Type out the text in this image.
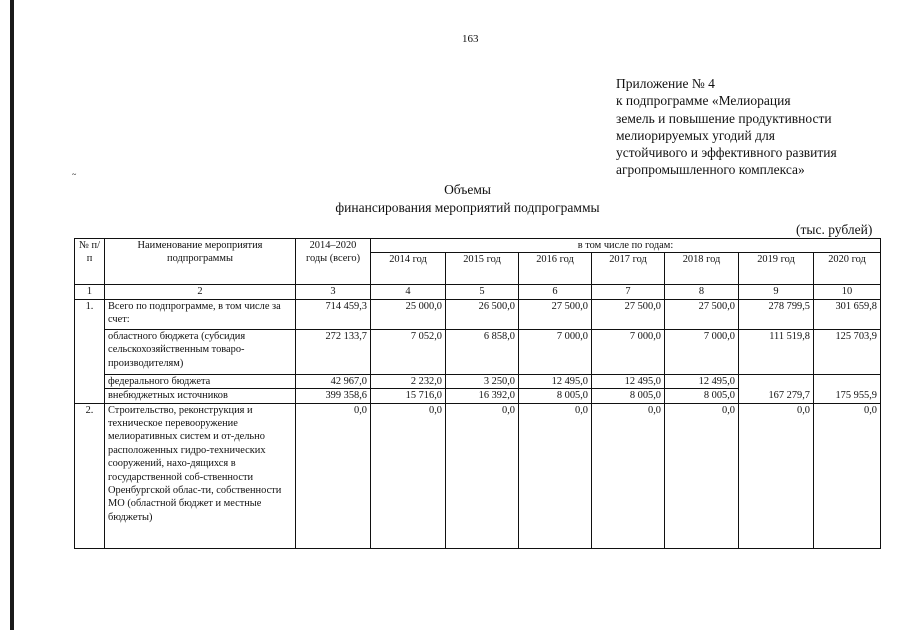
163
~
Приложение № 4
к подпрограмме «Мелиорация
земель и повышение продуктивности
мелиорируемых угодий для
устойчивого и эффективного развития
агропромышленного комплекса»
Объемы
финансирования мероприятий подпрограммы
(тыс. рублей)
№ п/п	Наименование мероприятия подпрограммы	2014–2020 годы (всего)	в том числе по годам:						
			2014 год	2015 год	2016 год	2017 год	2018 год	2019 год	2020 год
1	2	3	4	5	6	7	8	9	10
1.	Всего по подпрограмме, в том числе за счет:	714 459,3	25 000,0	26 500,0	27 500,0	27 500,0	27 500,0	278 799,5	301 659,8
	областного бюджета (субсидия сельскохозяйственным товаро-производителям)	272 133,7	7 052,0	6 858,0	7 000,0	7 000,0	7 000,0	111 519,8	125 703,9
	федерального бюджета	42 967,0	2 232,0	3 250,0	12 495,0	12 495,0	12 495,0		
	внебюджетных источников	399 358,6	15 716,0	16 392,0	8 005,0	8 005,0	8 005,0	167 279,7	175 955,9
2.	Строительство, реконструкция и техническое перевооружение мелиоративных систем и от-дельно расположенных гидро-технических сооружений, нахо-дящихся в государственной соб-ственности Оренбургской облас-ти, собственности МО (областной бюджет и местные бюджеты)	0,0	0,0	0,0	0,0	0,0	0,0	0,0	0,0
